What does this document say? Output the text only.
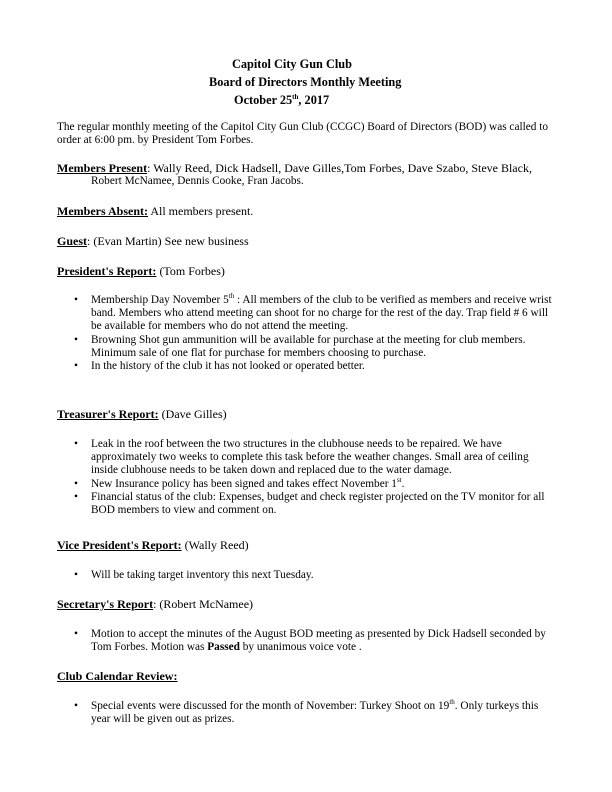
Capitol City Gun Club
Board of Directors Monthly Meeting
October 25th, 2017
The regular monthly meeting of the Capitol City Gun Club (CCGC) Board of Directors (BOD) was called to order at 6:00 pm. by President Tom Forbes.
Members Present: Wally Reed, Dick Hadsell, Dave Gilles,Tom Forbes, Dave Szabo, Steve Black,
Robert McNamee, Dennis Cooke, Fran Jacobs.
Members Absent: All members present.
Guest: (Evan Martin) See new business
President's Report: (Tom Forbes)
• Membership Day November 5th : All members of the club to be verified as members and receive wrist band. Members who attend meeting can shoot for no charge for the rest of the day. Trap field # 6 will be available for members who do not attend the meeting.
• Browning Shot gun ammunition will be available for purchase at the meeting for club members. Minimum sale of one flat for purchase for members choosing to purchase.
• In the history of the club it has not looked or operated better.
Treasurer's Report: (Dave Gilles)
• Leak in the roof between the two structures in the clubhouse needs to be repaired. We have approximately two weeks to complete this task before the weather changes. Small area of ceiling inside clubhouse needs to be taken down and replaced due to the water damage.
• New Insurance policy has been signed and takes effect November 1st.
• Financial status of the club: Expenses, budget and check register projected on the TV monitor for all BOD members to view and comment on.
Vice President's Report: (Wally Reed)
• Will be taking target inventory this next Tuesday.
Secretary's Report: (Robert McNamee)
• Motion to accept the minutes of the August BOD meeting as presented by Dick Hadsell seconded by Tom Forbes. Motion was Passed by unanimous voice vote .
Club Calendar Review:
• Special events were discussed for the month of November: Turkey Shoot on 19th. Only turkeys this year will be given out as prizes.
